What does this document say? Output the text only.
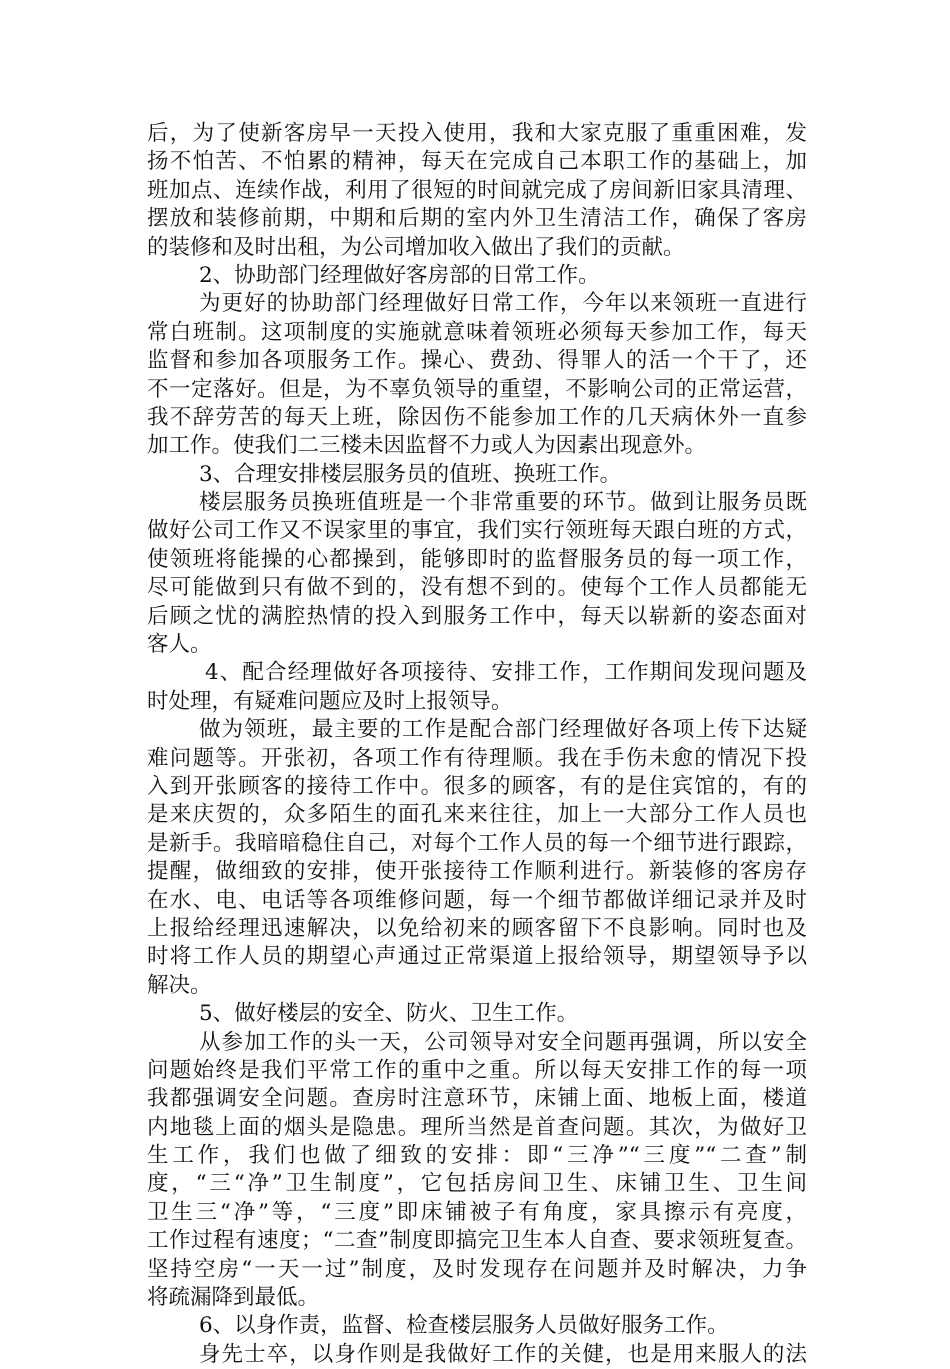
后，为了使新客房早一天投入使用，我和大家克服了重重困难，发
扬不怕苦、不怕累的精神，每天在完成自己本职工作的基础上，加
班加点、连续作战，利用了很短的时间就完成了房间新旧家具清理、
摆放和装修前期，中期和后期的室内外卫生清洁工作，确保了客房
的装修和及时出租，为公司增加收入做出了我们的贡献。
2、协助部门经理做好客房部的日常工作。
为更好的协助部门经理做好日常工作，今年以来领班一直进行
常白班制。这项制度的实施就意味着领班必须每天参加工作，每天
监督和参加各项服务工作。操心、费劲、得罪人的活一个干了，还
不一定落好。但是，为不辜负领导的重望，不影响公司的正常运营，
我不辞劳苦的每天上班，除因伤不能参加工作的几天病休外一直参
加工作。使我们二三楼未因监督不力或人为因素出现意外。
3、合理安排楼层服务员的值班、换班工作。
楼层服务员换班值班是一个非常重要的环节。做到让服务员既
做好公司工作又不误家里的事宜，我们实行领班每天跟白班的方式，
使领班将能操的心都操到，能够即时的监督服务员的每一项工作，
尽可能做到只有做不到的，没有想不到的。使每个工作人员都能无
后顾之忧的满腔热情的投入到服务工作中，每天以崭新的姿态面对
客人。
4、配合经理做好各项接待、安排工作，工作期间发现问题及
时处理，有疑难问题应及时上报领导。
做为领班，最主要的工作是配合部门经理做好各项上传下达疑
难问题等。开张初，各项工作有待理顺。我在手伤未愈的情况下投
入到开张顾客的接待工作中。很多的顾客，有的是住宾馆的，有的
是来庆贺的，众多陌生的面孔来来往往，加上一大部分工作人员也
是新手。我暗暗稳住自己，对每个工作人员的每一个细节进行跟踪，
提醒，做细致的安排，使开张接待工作顺利进行。新装修的客房存
在水、电、电话等各项维修问题，每一个细节都做详细记录并及时
上报给经理迅速解决，以免给初来的顾客留下不良影响。同时也及
时将工作人员的期望心声通过正常渠道上报给领导，期望领导予以
解决。
5、做好楼层的安全、防火、卫生工作。
从参加工作的头一天，公司领导对安全问题再强调，所以安全
问题始终是我们平常工作的重中之重。所以每天安排工作的每一项
我都强调安全问题。查房时注意环节，床铺上面、地板上面，楼道
内地毯上面的烟头是隐患。理所当然是首查问题。其次，为做好卫
生工作，我们也做了细致的安排：即“三净”“三度”“二查”制
度，“三“净”卫生制度”，它包括房间卫生、床铺卫生、卫生间
卫生三“净”等，“三度”即床铺被子有角度，家具擦示有亮度，
工作过程有速度；“二查”制度即搞完卫生本人自查、要求领班复查。
坚持空房“一天一过”制度，及时发现存在问题并及时解决，力争
将疏漏降到最低。
6、以身作责，监督、检查楼层服务人员做好服务工作。
身先士卒，以身作则是我做好工作的关健，也是用来服人的法
